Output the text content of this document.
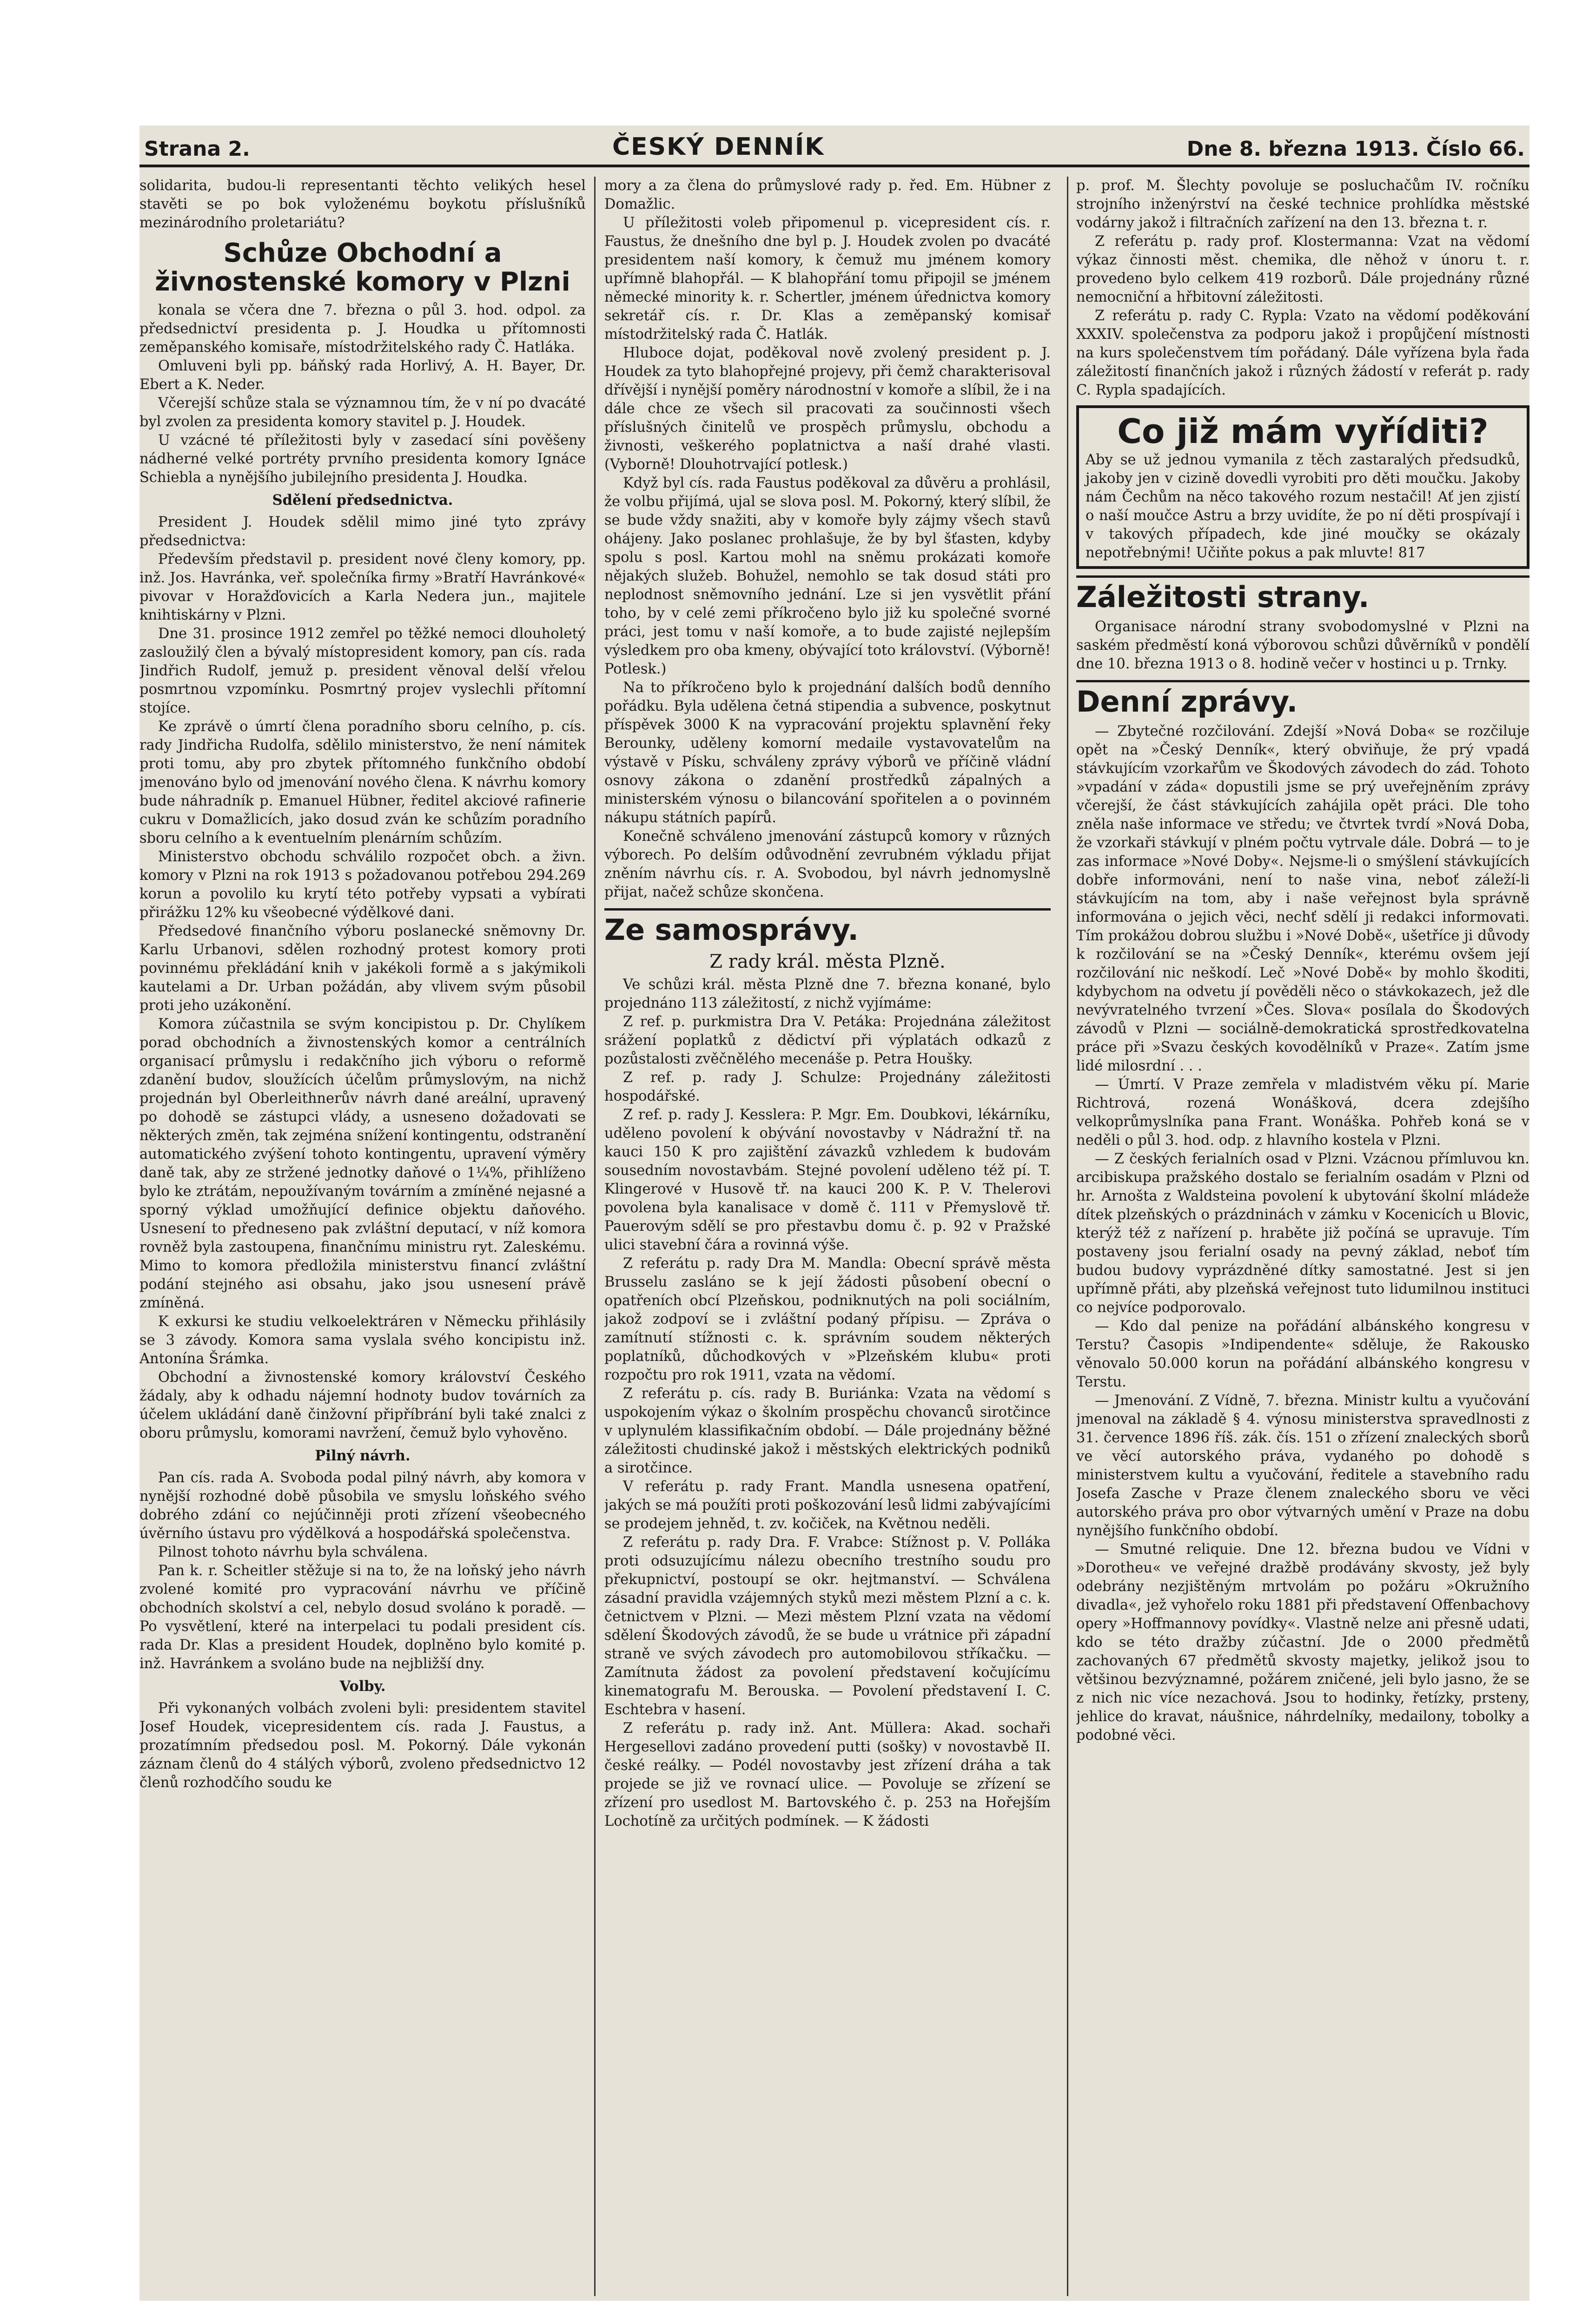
Strana 2.	ČESKÝ DENNÍK	Dne 8. března 1913. Číslo 66.

solidarita, budou-li representanti těchto velikých hesel stavěti se po bok vyloženému boykotu příslušníků mezinárodního proletariátu?

Schůze Obchodní a živnostenské komory v Plzni

konala se včera dne 7. března o půl 3. hod. odpol. za předsednictví presidenta p. J. Houdka u přítomnosti zeměpanského komisaře, místodržitelského rady Č. Hatláka.

Omluveni byli pp. báňský rada Horlivý, A. H. Bayer, Dr. Ebert a K. Neder.

Včerejší schůze stala se významnou tím, že v ní po dvacáté byl zvolen za presidenta komory stavitel p. J. Houdek.

U vzácné té příležitosti byly v zasedací síni pověšeny nádherné velké portréty prvního presidenta komory Ignáce Schiebla a nynějšího jubilejního presidenta J. Houdka.

Sdělení předsednictva.

President J. Houdek sdělil mimo jiné tyto zprávy předsednictva:

Především představil p. president nové členy komory, pp. inž. Jos. Havránka, veř. společníka firmy »Bratří Havránkové« pivovar v Horažďovicích a Karla Nedera jun., majitele knihtiskárny v Plzni.

Dne 31. prosince 1912 zemřel po těžké nemoci dlouholetý zasloužilý člen a bývalý místopresident komory, pan cís. rada Jindřich Rudolf, jemuž p. president věnoval delší vřelou posmrtnou vzpomínku. Posmrtný projev vyslechli přítomní stojíce.

Ke zprávě o úmrtí člena poradního sboru celního, p. cís. rady Jindřicha Rudolfa, sdělilo ministerstvo, že není námitek proti tomu, aby pro zbytek přítomného funkčního období jmenováno bylo od jmenování nového člena. K návrhu komory bude náhradník p. Emanuel Hübner, ředitel akciové rafinerie cukru v Domažlicích, jako dosud zván ke schůzím poradního sboru celního a k eventuelním plenárním schůzím.

Ministerstvo obchodu schválilo rozpočet obch. a živn. komory v Plzni na rok 1913 s požadovanou potřebou 294.269 korun a povolilo ku krytí této potřeby vypsati a vybírati přirážku 12% ku všeobecné výdělkové dani.

Předsedové finančního výboru poslanecké sněmovny Dr. Karlu Urbanovi, sdělen rozhodný protest komory proti povinnému překládání knih v jakékoli formě a s jakýmikoli kautelami a Dr. Urban požádán, aby vlivem svým působil proti jeho uzákonění.

Komora zúčastnila se svým koncipistou p. Dr. Chylíkem porad obchodních a živnostenských komor a centrálních organisací průmyslu i redakčního jich výboru o reformě zdanění budov, sloužících účelům průmyslovým, na nichž projednán byl Oberleithnerův návrh dané areální, upravený po dohodě se zástupci vlády, a usneseno dožadovati se některých změn, tak zejména snížení kontingentu, odstranění automatického zvýšení tohoto kontingentu, upravení výměry daně tak, aby ze stržené jednotky daňové o 1¼%, přihlíženo bylo ke ztrátám, nepoužívaným továrním a zmíněné nejasné a sporný výklad umožňující definice objektu daňového. Usnesení to předneseno pak zvláštní deputací, v níž komora rovněž byla zastoupena, finančnímu ministru ryt. Zaleskému. Mimo to komora předložila ministerstvu financí zvláštní podání stejného asi obsahu, jako jsou usnesení právě zmíněná.

K exkursi ke studiu velkoelektráren v Německu přihlásily se 3 závody. Komora sama vyslala svého koncipistu inž. Antonína Šrámka.

Obchodní a živnostenské komory království Českého žádaly, aby k odhadu nájemní hodnoty budov továrních za účelem ukládání daně činžovní připříbrání byli také znalci z oboru průmyslu, komorami navržení, čemuž bylo vyhověno.

Pilný návrh.

Pan cís. rada A. Svoboda podal pilný návrh, aby komora v nynější rozhodné době působila ve smyslu loňského svého dobrého zdání co nejúčinněji proti zřízení všeobecného úvěrního ústavu pro výdělková a hospodářská společenstva.

Pilnost tohoto návrhu byla schválena.

Pan k. r. Scheitler stěžuje si na to, že na loňský jeho návrh zvolené komité pro vypracování návrhu ve příčině obchodních skolství a cel, nebylo dosud svoláno k poradě. — Po vysvětlení, které na interpelaci tu podali president cís. rada Dr. Klas a president Houdek, doplněno bylo komité p. inž. Havránkem a svoláno bude na nejbližší dny.

Volby.

Při vykonaných volbách zvoleni byli: presidentem stavitel Josef Houdek, vicepresidentem cís. rada J. Faustus, a prozatímním předsedou posl. M. Pokorný. Dále vykonán záznam členů do 4 stálých výborů, zvoleno předsednictvo 12 členů rozhodčího soudu ke

mory a za člena do průmyslové rady p. řed. Em. Hübner z Domažlic.

U příležitosti voleb připomenul p. vicepresident cís. r. Faustus, že dnešního dne byl p. J. Houdek zvolen po dvacáté presidentem naší komory, k čemuž mu jménem komory upřímně blahopřál. — K blahopřání tomu připojil se jménem německé minority k. r. Schertler, jménem úřednictva komory sekretář cís. r. Dr. Klas a zeměpanský komisař místodržitelský rada Č. Hatlák.

Hluboce dojat, poděkoval nově zvolený president p. J. Houdek za tyto blahopřejné projevy, při čemž charakterisoval dřívější i nynější poměry národnostní v komoře a slíbil, že i na dále chce ze všech sil pracovati za součinnosti všech příslušných činitelů ve prospěch průmyslu, obchodu a živnosti, veškerého poplatnictva a naší drahé vlasti. (Vyborně! Dlouhotrvající potlesk.)

Když byl cís. rada Faustus poděkoval za důvěru a prohlásil, že volbu přijímá, ujal se slova posl. M. Pokorný, který slíbil, že se bude vždy snažiti, aby v komoře byly zájmy všech stavů ohájeny. Jako poslanec prohlašuje, že by byl šťasten, kdyby spolu s posl. Kartou mohl na sněmu prokázati komoře nějakých služeb. Bohužel, nemohlo se tak dosud státi pro neplodnost sněmovního jednání. Lze si jen vysvětlit přání toho, by v celé zemi příkročeno bylo již ku společné svorné práci, jest tomu v naší komoře, a to bude zajisté nejlepším výsledkem pro oba kmeny, obývající toto království. (Výborně! Potlesk.)

Na to příkročeno bylo k projednání dalších bodů denního pořádku. Byla udělena četná stipendia a subvence, poskytnut příspěvek 3000 K na vypracování projektu splavnění řeky Berounky, uděleny komorní medaile vystavovatelům na výstavě v Písku, schváleny zprávy výborů ve příčině vládní osnovy zákona o zdanění prostředků zápalných a ministerském výnosu o bilancování spořitelen a o povinném nákupu státních papírů.

Konečně schváleno jmenování zástupců komory v různých výborech. Po delším odůvodnění zevrubném výkladu přijat zněním návrhu cís. r. A. Svobodou, byl návrh jednomyslně přijat, načež schůze skončena.

Ze samosprávy.

Z rady král. města Plzně.

Ve schůzi král. města Plzně dne 7. března konané, bylo projednáno 113 záležitostí, z nichž vyjímáme:

Z ref. p. purkmistra Dra V. Petáka: Projednána záležitost srážení poplatků z dědictví při výplatách odkazů z pozůstalosti zvěčnělého mecenáše p. Petra Houšky.

Z ref. p. rady J. Schulze: Projednány záležitosti hospodářské.

Z ref. p. rady J. Kesslera: P. Mgr. Em. Doubkovi, lékárníku, uděleno povolení k obývání novostavby v Nádražní tř. na kauci 150 K pro zajištění závazků vzhledem k budovám sousedním novostavbám. Stejné povolení uděleno též pí. T. Klingerové v Husově tř. na kauci 200 K. P. V. Thelerovi povolena byla kanalisace v domě č. 111 v Přemyslově tř. Pauerovým sdělí se pro přestavbu domu č. p. 92 v Pražské ulici stavební čára a rovinná výše.

Z referátu p. rady Dra M. Mandla: Obecní správě města Brusselu zasláno se k její žádosti působení obecní o opatřeních obcí Plzeňskou, podniknutých na poli sociálním, jakož zodpoví se i zvláštní podaný přípisu. — Zpráva o zamítnutí stížnosti c. k. správním soudem některých poplatníků, důchodkových v »Plzeňském klubu« proti rozpočtu pro rok 1911, vzata na vědomí.

Z referátu p. cís. rady B. Buriánka: Vzata na vědomí s uspokojením výkaz o školním prospěchu chovanců sirotčince v uplynulém klassifikačním období. — Dále projednány běžné záležitosti chudinské jakož i městských elektrických podniků a sirotčince.

V referátu p. rady Frant. Mandla usnesena opatření, jakých se má použíti proti poškozování lesů lidmi zabývajícími se prodejem jehněd, t. zv. kočiček, na Květnou neděli.

Z referátu p. rady Dra. F. Vrabce: Stížnost p. V. Polláka proti odsuzujícímu nálezu obecního trestního soudu pro překupnictví, postoupí se okr. hejtmanství. — Schválena zásadní pravidla vzájemných styků mezi městem Plzní a c. k. četnictvem v Plzni. — Mezi městem Plzní vzata na vědomí sdělení Škodových závodů, že se bude u vrátnice při západní straně ve svých závodech pro automobilovou stříkačku. — Zamítnuta žádost za povolení představení kočujícímu kinematografu M. Berouska. — Povolení představení I. C. Eschtebra v hasení.

Z referátu p. rady inž. Ant. Müllera: Akad. sochaři Hergesellovi zadáno provedení putti (sošky) v novostavbě II. české reálky. — Podél novostavby jest zřízení dráha a tak projede se již ve rovnací ulice. — Povoluje se zřízení se zřízení pro usedlost M. Bartovského č. p. 253 na Hořejším Lochotíně za určitých podmínek. — K žádosti

p. prof. M. Šlechty povoluje se posluchačům IV. ročníku strojního inženýrství na české technice prohlídka městské vodárny jakož i filtračních zařízení na den 13. března t. r.

Z referátu p. rady prof. Klostermanna: Vzat na vědomí výkaz činnosti měst. chemika, dle něhož v únoru t. r. provedeno bylo celkem 419 rozborů. Dále projednány různé nemocniční a hřbitovní záležitosti.

Z referátu p. rady C. Rypla: Vzato na vědomí poděkování XXXIV. společenstva za podporu jakož i propůjčení místnosti na kurs společenstvem tím pořádaný. Dále vyřízena byla řada záležitostí finančních jakož i různých žádostí v referát p. rady C. Rypla spadajících.

Co již mám vyříditi?

Aby se už jednou vymanila z těch zastaralých předsudků, jakoby jen v cizině dovedli vyrobiti pro děti moučku. Jakoby nám Čechům na něco takového rozum nestačil! Ať jen zjistí o naší moučce Astru a brzy uvidíte, že po ní děti prospívají i v takových případech, kde jiné moučky se okázaly nepotřebnými! Učiňte pokus a pak mluvte! 817

Záležitosti strany.

Organisace národní strany svobodomyslné v Plzni na saském předměstí koná výborovou schůzi důvěrníků v pondělí dne 10. března 1913 o 8. hodině večer v hostinci u p. Trnky.

Denní zprávy.

— Zbytečné rozčilování. Zdejší »Nová Doba« se rozčiluje opět na »Český Denník«, který obviňuje, že prý vpadá stávkujícím vzorkařům ve Škodových závodech do zád. Tohoto »vpadání v záda« dopustili jsme se prý uveřejněním zprávy včerejší, že část stávkujících zahájila opět práci. Dle toho zněla naše informace ve středu; ve čtvrtek tvrdí »Nová Doba, že vzorkaři stávkují v plném počtu vytrvale dále. Dobrá — to je zas informace »Nové Doby«. Nejsme-li o smýšlení stávkujících dobře informováni, není to naše vina, neboť záleží-li stávkujícím na tom, aby i naše veřejnost byla správně informována o jejich věci, nechť sdělí ji redakci informovati. Tím prokážou dobrou službu i »Nové Době«, ušetříce ji důvody k rozčilování se na »Český Denník«, kterému ovšem její rozčilování nic neškodí. Leč »Nové Době« by mohlo škoditi, kdybychom na odvetu jí pověděli něco o stávkokazech, jež dle nevývratelného tvrzení »Čes. Slova« posílala do Škodových závodů v Plzni — sociálně-demokratická sprostředkovatelna práce při »Svazu českých kovodělníků v Praze«. Zatím jsme lidé milosrdní . . .

— Úmrtí. V Praze zemřela v mladistvém věku pí. Marie Richtrová, rozená Wonášková, dcera zdejšího velkoprůmyslníka pana Frant. Wonáška. Pohřeb koná se v neděli o půl 3. hod. odp. z hlavního kostela v Plzni.

— Z českých ferialních osad v Plzni. Vzácnou přímluvou kn. arcibiskupa pražského dostalo se ferialním osadám v Plzni od hr. Arnošta z Waldsteina povolení k ubytování školní mládeže dítek plzeňských o prázdninách v zámku v Kocenicích u Blovic, kterýž též z nařízení p. hraběte již počíná se upravuje. Tím postaveny jsou ferialní osady na pevný základ, neboť tím budou budovy vyprázdněné dítky samostatné. Jest si jen upřímně přáti, aby plzeňská veřejnost tuto lidumilnou instituci co nejvíce podporovalo.

— Kdo dal penize na pořádání albánského kongresu v Terstu? Časopis »Indipendente« sděluje, že Rakousko věnovalo 50.000 korun na pořádání albánského kongresu v Terstu.

— Jmenování. Z Vídně, 7. března. Ministr kultu a vyučování jmenoval na základě § 4. výnosu ministerstva spravedlnosti z 31. července 1896 říš. zák. čís. 151 o zřízení znaleckých sborů ve věcí autorského práva, vydaného po dohodě s ministerstvem kultu a vyučování, ředitele a stavebního radu Josefa Zasche v Praze členem znaleckého sboru ve věci autorského práva pro obor výtvarných umění v Praze na dobu nynějšího funkčního období.

— Smutné reliquie. Dne 12. března budou ve Vídni v »Dorotheu« ve veřejné dražbě prodávány skvosty, jež byly odebrány nezjištěným mrtvolám po požáru »Okružního divadla«, jež vyhořelo roku 1881 při představení Offenbachovy opery »Hoffmannovy povídky«. Vlastně nelze ani přesně udati, kdo se této dražby zúčastní. Jde o 2000 předmětů zachovaných 67 předmětů skvosty majetky, jelikož jsou to většinou bezvýznamné, požárem zničené, jeli bylo jasno, že se z nich nic více nezachová. Jsou to hodinky, řetízky, prsteny, jehlice do kravat, náušnice, náhrdelníky, medailony, tobolky a podobné věci.
